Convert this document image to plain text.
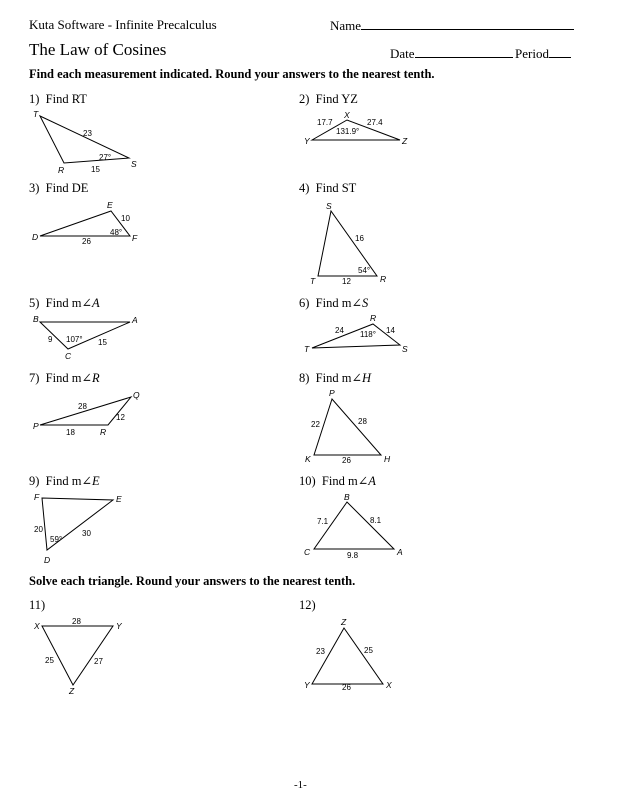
Kuta Software - Infinite Precalculus	Name
The Law of Cosines	Date	Period
Find each measurement indicated. Round your answers to the nearest tenth.
1) Find RT
T
R
S
23
15
27°
2) Find YZ
X
Y	Z
17.7	27.4
131.9°
3) Find DE
E
D	F
10
26
48°
4) Find ST
S
T	R
16
12
54°
5) Find m∠A
B	A
C
9	15
107°
6) Find m∠S
R
T	S
24	14
118°
7) Find m∠R
Q
P
R
28
12
18
8) Find m∠H
P
K	H
22	28
26
9) Find m∠E
F	E
D
20	30
59°
10) Find m∠A
B
C	A
7.1	8.1
9.8
Solve each triangle. Round your answers to the nearest tenth.
11)
X	Y
Z
28
25	27
12)
Z
Y	X
23	25
26
-1-
